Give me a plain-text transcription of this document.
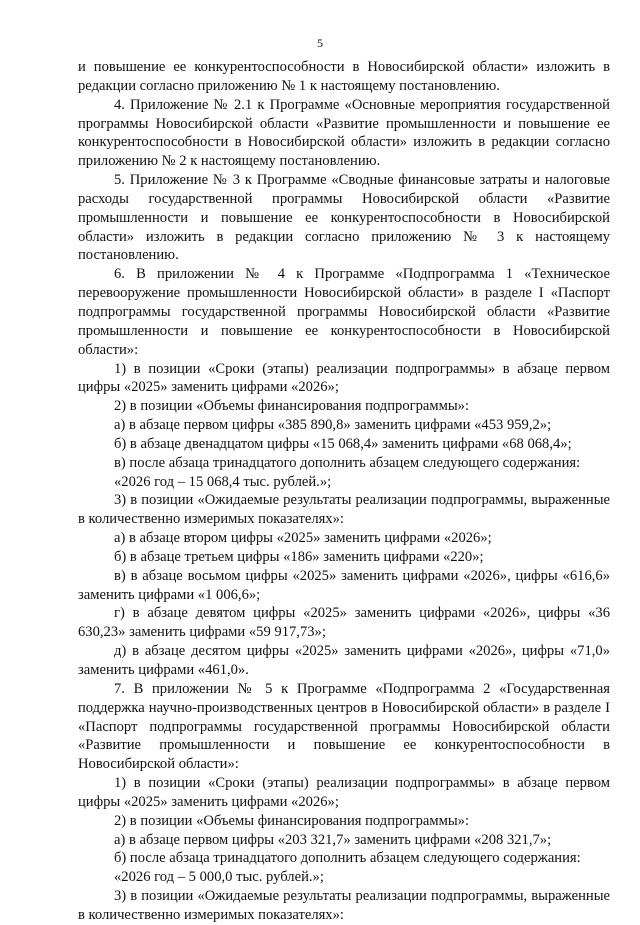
5

и повышение ее конкурентоспособности в Новосибирской области» изложить в редакции согласно приложению № 1 к настоящему постановлению.

4. Приложение № 2.1 к Программе «Основные мероприятия государственной программы Новосибирской области «Развитие промышленности и повышение ее конкурентоспособности в Новосибирской области» изложить в редакции согласно приложению № 2 к настоящему постановлению.

5. Приложение № 3 к Программе «Сводные финансовые затраты и налоговые расходы государственной программы Новосибирской области «Развитие промышленности и повышение ее конкурентоспособности в Новосибирской области» изложить в редакции согласно приложению № 3 к настоящему постановлению.

6. В приложении № 4 к Программе «Подпрограмма 1 «Техническое перевооружение промышленности Новосибирской области» в разделе I «Паспорт подпрограммы государственной программы Новосибирской области «Развитие промышленности и повышение ее конкурентоспособности в Новосибирской области»:

1) в позиции «Сроки (этапы) реализации подпрограммы» в абзаце первом цифры «2025» заменить цифрами «2026»;

2) в позиции «Объемы финансирования подпрограммы»:

а) в абзаце первом цифры «385 890,8» заменить цифрами «453 959,2»;

б) в абзаце двенадцатом цифры «15 068,4» заменить цифрами «68 068,4»;

в) после абзаца тринадцатого дополнить абзацем следующего содержания:

«2026 год – 15 068,4 тыс. рублей.»;

3) в позиции «Ожидаемые результаты реализации подпрограммы, выраженные в количественно измеримых показателях»:

а) в абзаце втором цифры «2025» заменить цифрами «2026»;

б) в абзаце третьем цифры «186» заменить цифрами «220»;

в) в абзаце восьмом цифры «2025» заменить цифрами «2026», цифры «616,6» заменить цифрами «1 006,6»;

г) в абзаце девятом цифры «2025» заменить цифрами «2026», цифры «36 630,23» заменить цифрами «59 917,73»;

д) в абзаце десятом цифры «2025» заменить цифрами «2026», цифры «71,0» заменить цифрами «461,0».

7. В приложении № 5 к Программе «Подпрограмма 2 «Государственная поддержка научно-производственных центров в Новосибирской области» в разделе I «Паспорт подпрограммы государственной программы Новосибирской области «Развитие промышленности и повышение ее конкурентоспособности в Новосибирской области»:

1) в позиции «Сроки (этапы) реализации подпрограммы» в абзаце первом цифры «2025» заменить цифрами «2026»;

2) в позиции «Объемы финансирования подпрограммы»:

а) в абзаце первом цифры «203 321,7» заменить цифрами «208 321,7»;

б) после абзаца тринадцатого дополнить абзацем следующего содержания:

«2026 год – 5 000,0 тыс. рублей.»;

3) в позиции «Ожидаемые результаты реализации подпрограммы, выраженные в количественно измеримых показателях»:
